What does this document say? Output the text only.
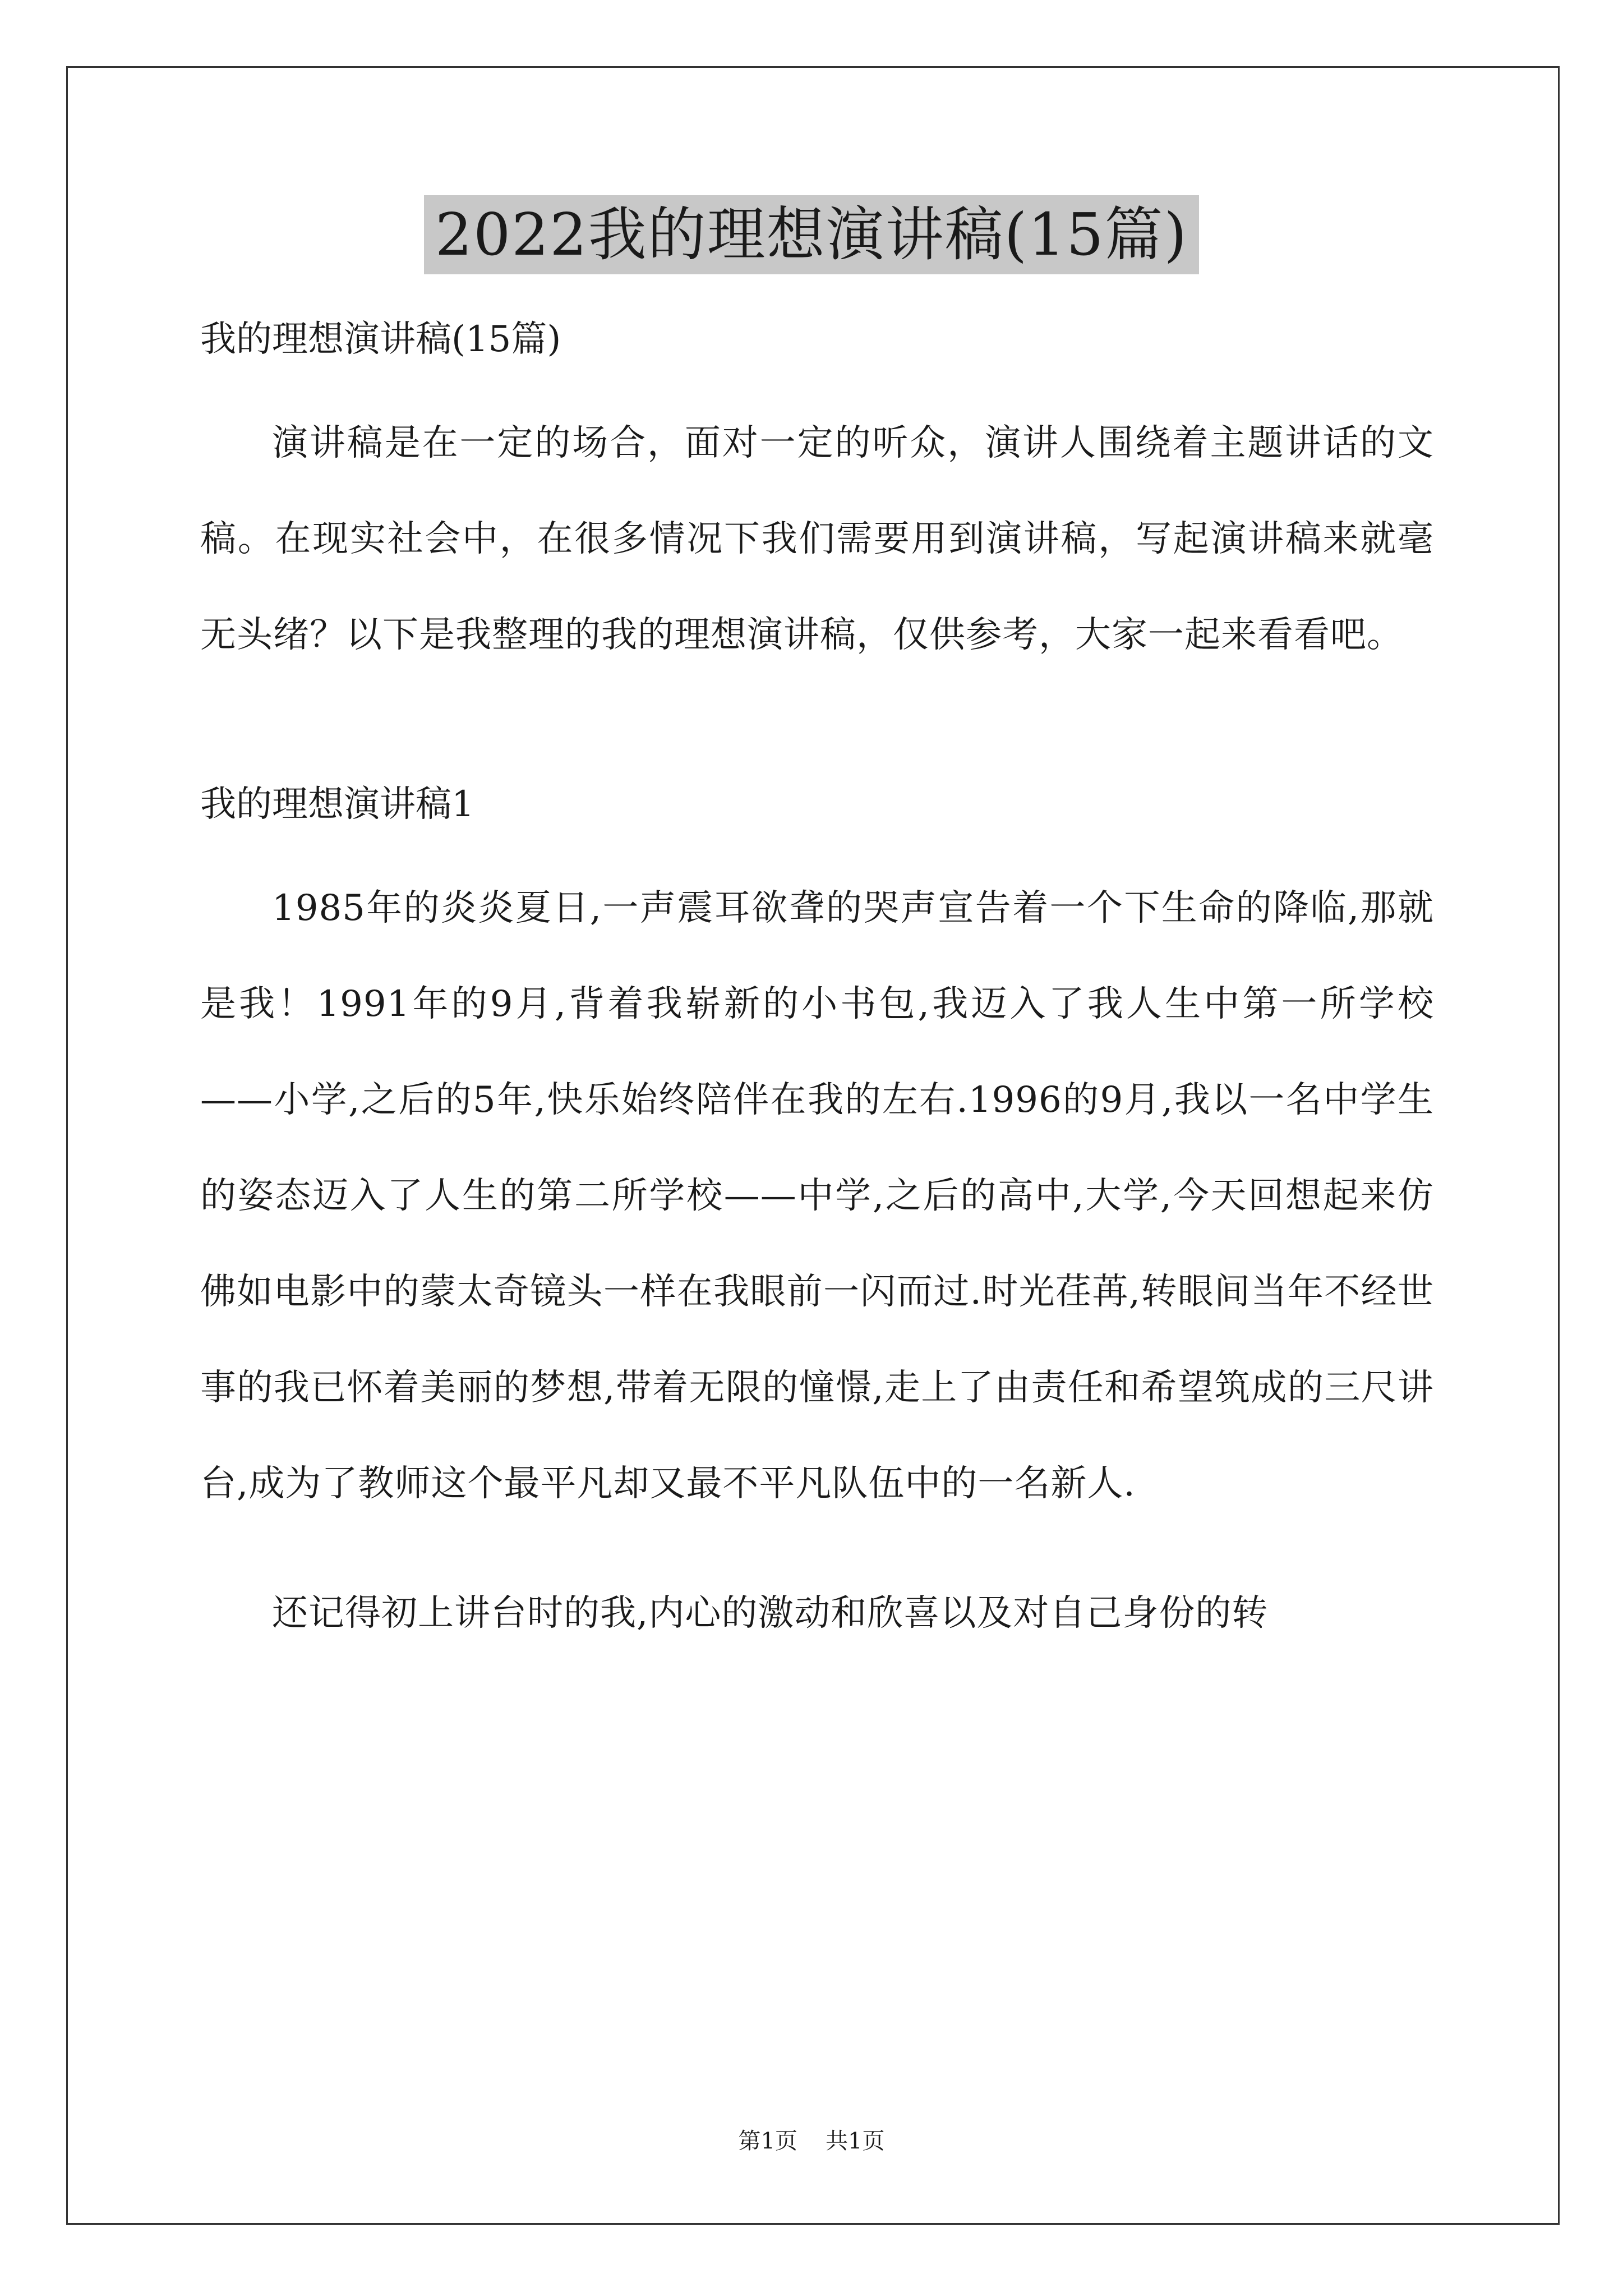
2022我的理想演讲稿(15篇)

我的理想演讲稿(15篇)

演讲稿是在一定的场合，面对一定的听众，演讲人围绕着主题讲话的文稿。在现实社会中，在很多情况下我们需要用到演讲稿，写起演讲稿来就毫无头绪？以下是我整理的我的理想演讲稿，仅供参考，大家一起来看看吧。

我的理想演讲稿1

1985年的炎炎夏日,一声震耳欲聋的哭声宣告着一个下生命的降临,那就是我！1991年的9月,背着我崭新的小书包,我迈入了我人生中第一所学校——小学,之后的5年,快乐始终陪伴在我的左右.1996的9月,我以一名中学生的姿态迈入了人生的第二所学校——中学,之后的高中,大学,今天回想起来仿佛如电影中的蒙太奇镜头一样在我眼前一闪而过.时光荏苒,转眼间当年不经世事的我已怀着美丽的梦想,带着无限的憧憬,走上了由责任和希望筑成的三尺讲台,成为了教师这个最平凡却又最不平凡队伍中的一名新人.

还记得初上讲台时的我,内心的激动和欣喜以及对自己身份的转

第1页 共1页
